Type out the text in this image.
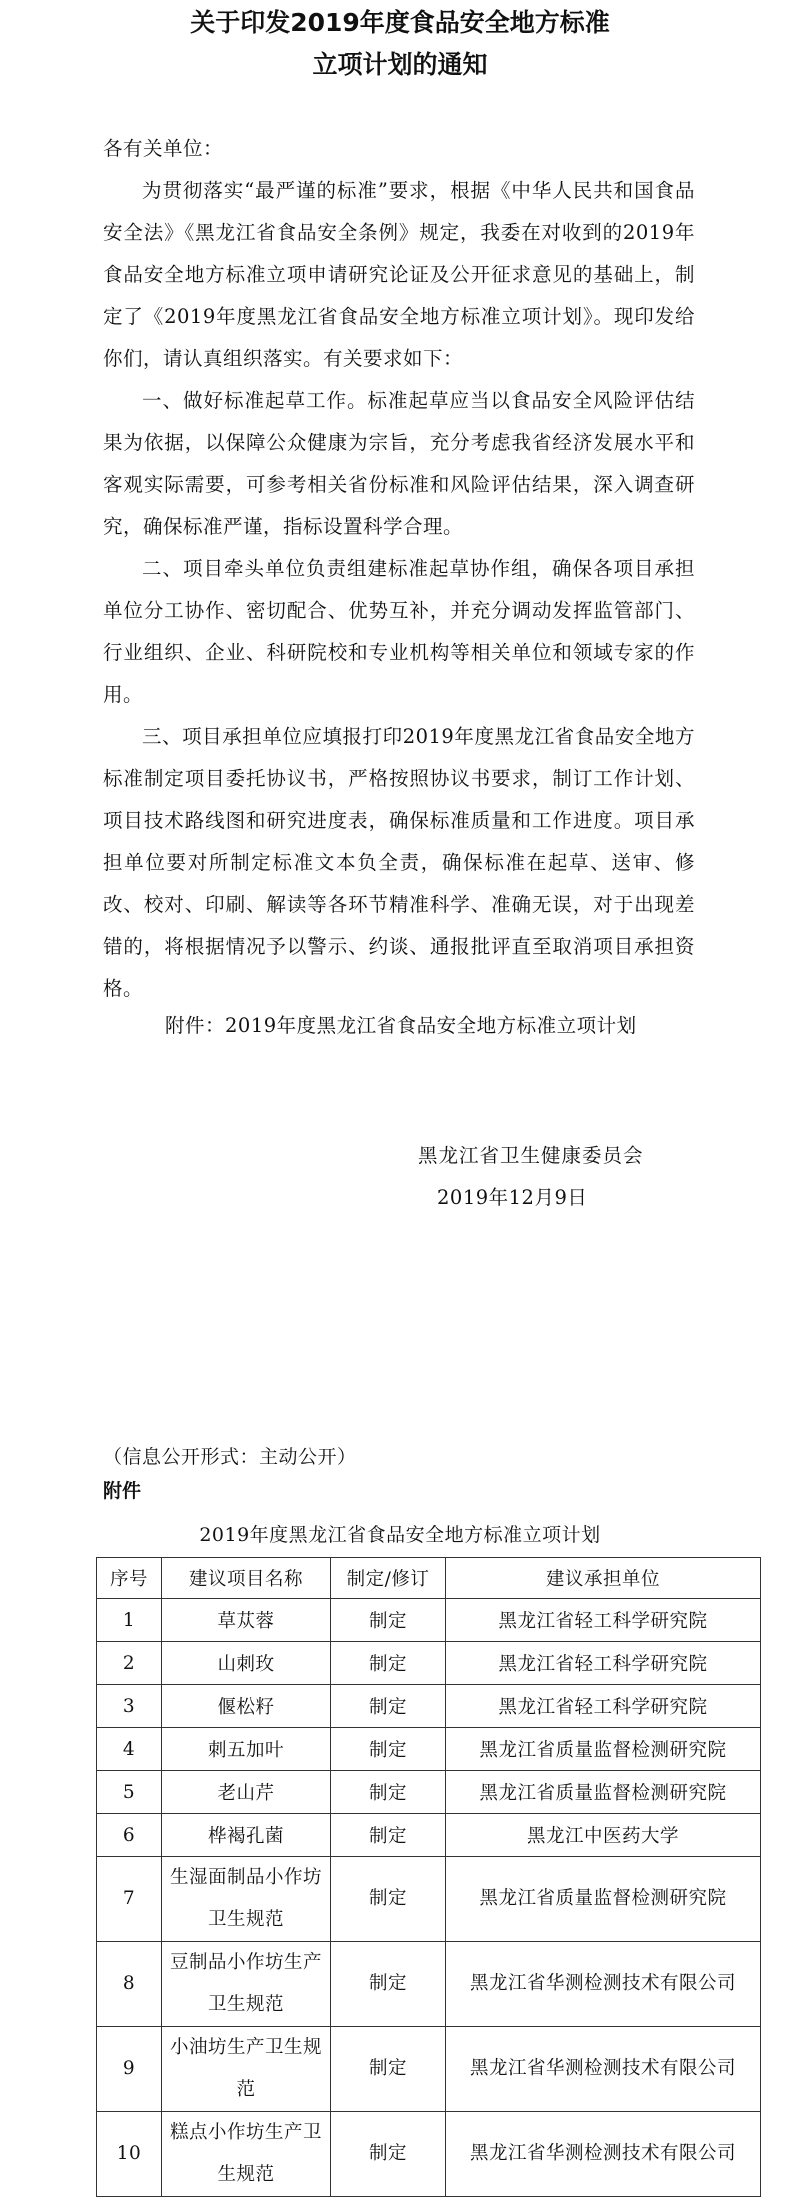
关于印发2019年度食品安全地方标准
立项计划的通知
各有关单位：
为贯彻落实“最严谨的标准”要求，根据《中华人民共和国食品安全法》《黑龙江省食品安全条例》规定，我委在对收到的2019年食品安全地方标准立项申请研究论证及公开征求意见的基础上，制定了《2019年度黑龙江省食品安全地方标准立项计划》。现印发给你们，请认真组织落实。有关要求如下：
一、做好标准起草工作。标准起草应当以食品安全风险评估结果为依据，以保障公众健康为宗旨，充分考虑我省经济发展水平和客观实际需要，可参考相关省份标准和风险评估结果，深入调查研究，确保标准严谨，指标设置科学合理。
二、项目牵头单位负责组建标准起草协作组，确保各项目承担单位分工协作、密切配合、优势互补，并充分调动发挥监管部门、行业组织、企业、科研院校和专业机构等相关单位和领域专家的作用。
三、项目承担单位应填报打印2019年度黑龙江省食品安全地方标准制定项目委托协议书，严格按照协议书要求，制订工作计划、项目技术路线图和研究进度表，确保标准质量和工作进度。项目承担单位要对所制定标准文本负全责，确保标准在起草、送审、修改、校对、印刷、解读等各环节精准科学、准确无误，对于出现差错的，将根据情况予以警示、约谈、通报批评直至取消项目承担资格。
附件：2019年度黑龙江省食品安全地方标准立项计划
黑龙江省卫生健康委员会
2019年12月9日
（信息公开形式：主动公开）
附件
2019年度黑龙江省食品安全地方标准立项计划
序号	建议项目名称	制定/修订	建议承担单位
1	草苁蓉	制定	黑龙江省轻工科学研究院
2	山刺玫	制定	黑龙江省轻工科学研究院
3	偃松籽	制定	黑龙江省轻工科学研究院
4	刺五加叶	制定	黑龙江省质量监督检测研究院
5	老山芹	制定	黑龙江省质量监督检测研究院
6	桦褐孔菌	制定	黑龙江中医药大学
7	生湿面制品小作坊卫生规范	制定	黑龙江省质量监督检测研究院
8	豆制品小作坊生产卫生规范	制定	黑龙江省华测检测技术有限公司
9	小油坊生产卫生规范	制定	黑龙江省华测检测技术有限公司
10	糕点小作坊生产卫生规范	制定	黑龙江省华测检测技术有限公司
